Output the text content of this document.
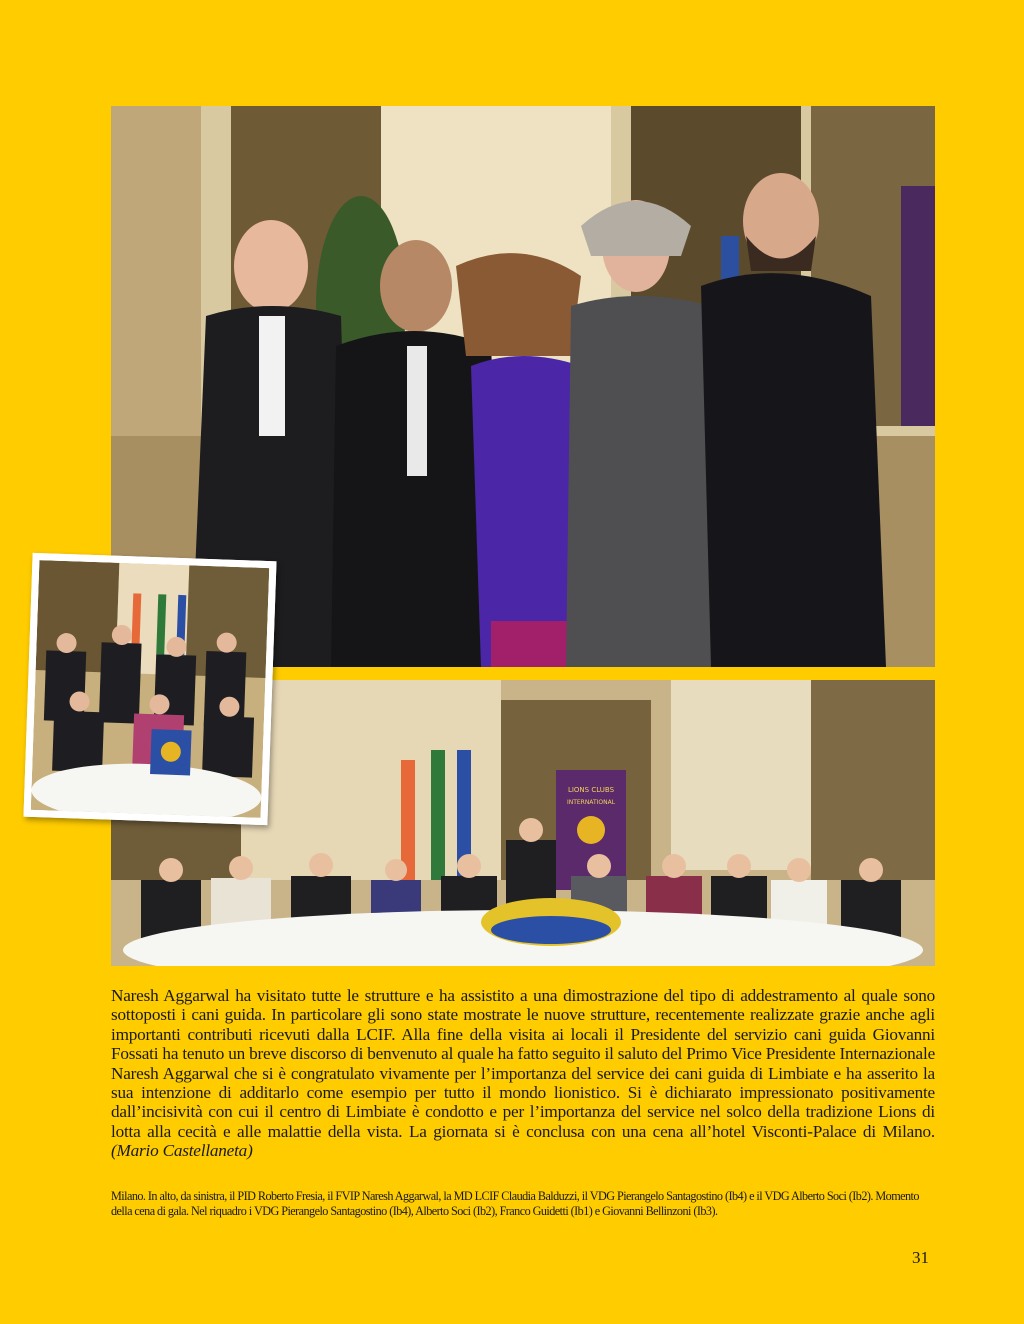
LIONS CLUBS
INTERNATIONAL

Naresh Aggarwal ha visitato tutte le strutture e ha assistito a una dimostrazione del tipo di addestramento al quale sono sottoposti i cani guida. In particolare gli sono state mostrate le nuove strutture, recentemente realizzate grazie anche agli importanti contributi ricevuti dalla LCIF. Alla fine della visita ai locali il Presidente del servizio cani guida Giovanni Fossati ha tenuto un breve discorso di benvenuto al quale ha fatto seguito il saluto del Primo Vice Presidente Internazionale Naresh Aggarwal che si è congratulato vivamente per l’importanza del service dei cani guida di Limbiate e ha asserito la sua intenzione di additarlo come esempio per tutto il mondo lionistico. Si è dichiarato impressionato positivamente dall’incisività con cui il centro di Limbiate è condotto e per l’importanza del service nel solco della tradizione Lions di lotta alla cecità e alle malattie della vista. La giornata si è conclusa con una cena all’hotel Visconti-Palace di Milano. (Mario Castellaneta)

Milano. In alto, da sinistra, il PID Roberto Fresia, il FVIP Naresh Aggarwal, la MD LCIF Claudia Balduzzi, il VDG Pierangelo Santagostino (Ib4) e il VDG Alberto Soci (Ib2). Momento della cena di gala. Nel riquadro i VDG Pierangelo Santagostino (Ib4), Alberto Soci (Ib2), Franco Guidetti (Ib1) e Giovanni Bellinzoni (Ib3).

31
